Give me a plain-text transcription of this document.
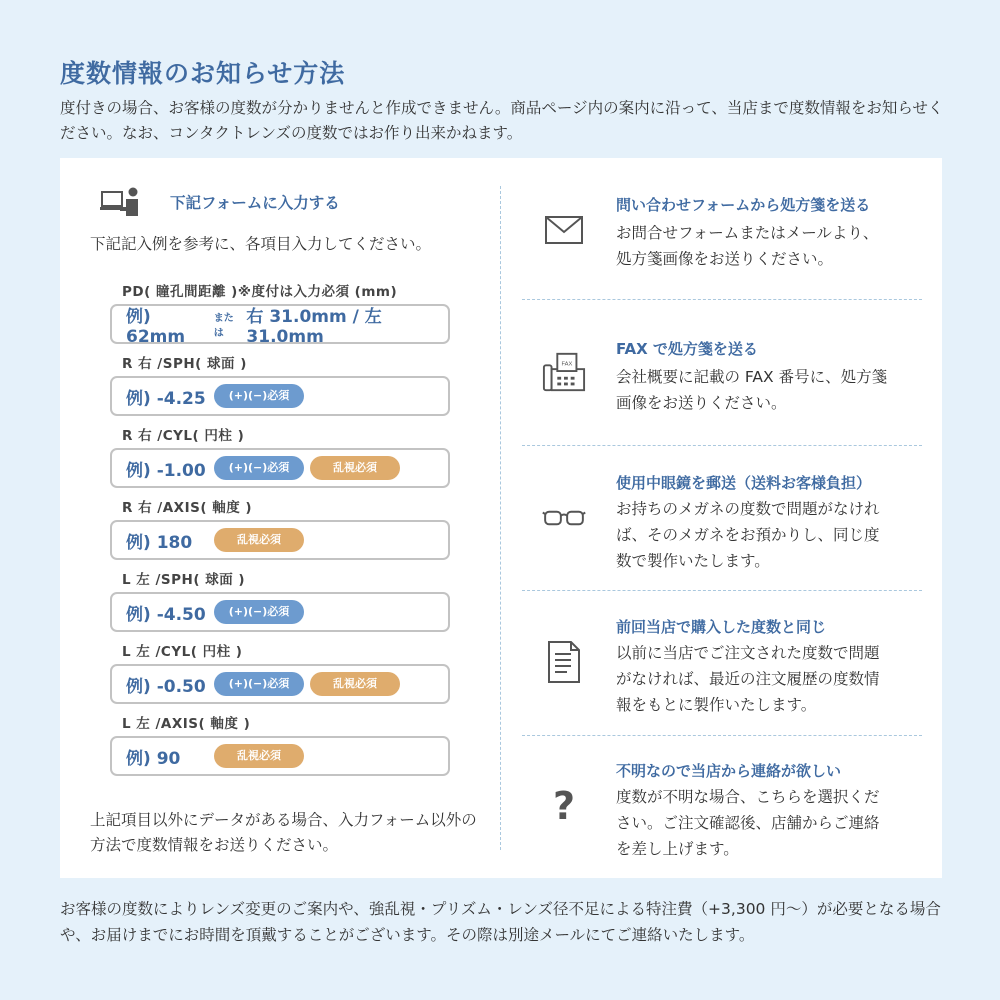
度数情報のお知らせ方法
度付きの場合、お客様の度数が分かりませんと作成できません。商品ページ内の案内に沿って、当店まで度数情報をお知らせください。なお、コンタクトレンズの度数ではお作り出来かねます。
下記フォームに入力する
下記記入例を参考に、各項目入力してください。
PD( 瞳孔間距離 )※度付は入力必須 (mm)
例) 62mm
または
右 31.0mm / 左 31.0mm
R 右 /SPH( 球面 )
例) -4.25	(+)(−)必須
R 右 /CYL( 円柱 )
例) -1.00	(+)(−)必須	乱視必須
R 右 /AXIS( 軸度 )
例) 180	乱視必須
L 左 /SPH( 球面 )
例) -4.50	(+)(−)必須
L 左 /CYL( 円柱 )
例) -0.50	(+)(−)必須	乱視必須
L 左 /AXIS( 軸度 )
例) 90	乱視必須
上記項目以外にデータがある場合、入力フォーム以外の方法で度数情報をお送りください。
問い合わせフォームから処方箋を送る
お問合せフォームまたはメールより、
処方箋画像をお送りください。
FAX
FAX で処方箋を送る
会社概要に記載の FAX 番号に、処方箋
画像をお送りください。
使用中眼鏡を郵送（送料お客様負担）
お持ちのメガネの度数で問題がなけれ
ば、そのメガネをお預かりし、同じ度
数で製作いたします。
前回当店で購入した度数と同じ
以前に当店でご注文された度数で問題
がなければ、最近の注文履歴の度数情
報をもとに製作いたします。
?
不明なので当店から連絡が欲しい
度数が不明な場合、こちらを選択くだ
さい。ご注文確認後、店舗からご連絡
を差し上げます。
お客様の度数によりレンズ変更のご案内や、強乱視・プリズム・レンズ径不足による特注費（+3,300 円〜）が必要となる場合や、お届けまでにお時間を頂戴することがございます。その際は別途メールにてご連絡いたします。
